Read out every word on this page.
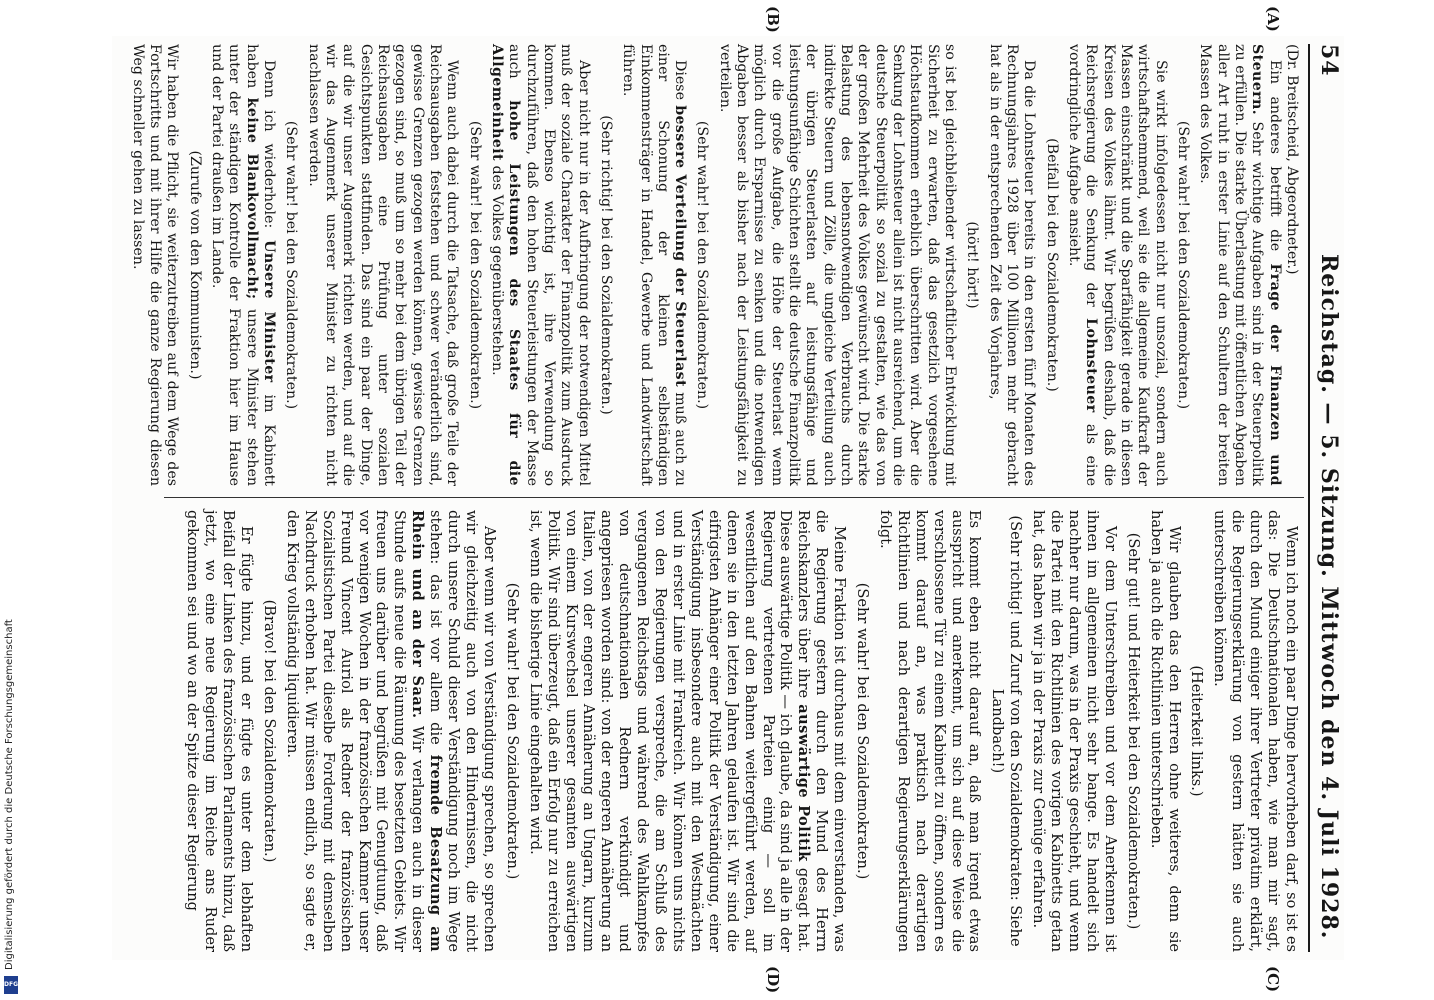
54
Reichstag. — 5. Sitzung. Mittwoch den 4. Juli 1928.
(A)
(B)
(C)
(D)

(Dr. Breitscheid, Abgeordneter.)

Ein anderes betrifft die Frage der Finanzen und Steuern. Sehr wichtige Aufgaben sind in der Steuerpolitik zu erfüllen. Die starke Überlastung mit öffentlichen Abgaben aller Art ruht in erster Linie auf den Schultern der breiten Massen des Volkes.

(Sehr wahr! bei den Sozialdemokraten.)

Sie wirkt infolgedessen nicht nur unsozial, sondern auch wirtschaftshemmend, weil sie die allgemeine Kaufkraft der Massen einschränkt und die Sparfähigkeit gerade in diesen Kreisen des Volkes lähmt. Wir begrüßen deshalb, daß die Reichsregierung die Senkung der Lohnsteuer als eine vordringliche Aufgabe ansieht.

(Beifall bei den Sozialdemokraten.)

Da die Lohnsteuer bereits in den ersten fünf Monaten des Rechnungsjahres 1928 über 100 Millionen mehr gebracht hat als in der entsprechenden Zeit des Vorjahres,

(hört! hört!)

so ist bei gleichbleibender wirtschaftlicher Entwicklung mit Sicherheit zu erwarten, daß das gesetzlich vorgesehene Höchstaufkommen erheblich überschritten wird. Aber die Senkung der Lohnsteuer allein ist nicht ausreichend, um die deutsche Steuerpolitik so sozial zu gestalten, wie das von der großen Mehrheit des Volkes gewünscht wird. Die starke Belastung des lebensnotwendigen Verbrauchs durch indirekte Steuern und Zölle, die ungleiche Verteilung auch der übrigen Steuerlasten auf leistungsfähige und leistungsunfähige Schichten stellt die deutsche Finanzpolitik vor die große Aufgabe, die Höhe der Steuerlast wenn möglich durch Ersparnisse zu senken und die notwendigen Abgaben besser als bisher nach der Leistungsfähigkeit zu verteilen.

(Sehr wahr! bei den Sozialdemokraten.)

Diese bessere Verteilung der Steuerlast muß auch zu einer Schonung der kleinen selbständigen Einkommensträger in Handel, Gewerbe und Landwirtschaft führen.

(Sehr richtig! bei den Sozialdemokraten.)

Aber nicht nur in der Aufbringung der notwendigen Mittel muß der soziale Charakter der Finanzpolitik zum Ausdruck kommen. Ebenso wichtig ist, ihre Verwendung so durchzuführen, daß den hohen Steuerleistungen der Masse auch hohe Leistungen des Staates für die Allgemeinheit des Volkes gegenüberstehen.

(Sehr wahr! bei den Sozialdemokraten.)

Wenn auch dabei durch die Tatsache, daß große Teile der Reichsausgaben feststehen und schwer veränderlich sind, gewisse Grenzen gezogen werden können, gewisse Grenzen gezogen sind, so muß um so mehr bei dem übrigen Teil der Reichsausgaben eine Prüfung unter sozialen Gesichtspunkten stattfinden. Das sind ein paar der Dinge, auf die wir unser Augenmerk richten werden, und auf die wir das Augenmerk unserer Minister zu richten nicht nachlassen werden.

(Sehr wahr! bei den Sozialdemokraten.)

Denn ich wiederhole: Unsere Minister im Kabinett haben keine Blankovollmacht; unsere Minister stehen unter der ständigen Kontrolle der Fraktion hier im Hause und der Partei draußen im Lande.

(Zurufe von den Kommunisten.)

Wir haben die Pflicht, sie weiterzutreiben auf dem Wege des Fortschritts und mit ihrer Hilfe die ganze Regierung diesen Weg schneller gehen zu lassen.

Wenn ich noch ein paar Dinge hervorheben darf, so ist es das: Die Deutschnationalen haben, wie man mir sagt, durch den Mund einiger ihrer Vertreter privatim erklärt, die Regierungserklärung von gestern hätten sie auch unterschreiben können.

(Heiterkeit links.)

Wir glauben das den Herren ohne weiteres, denn sie haben ja auch die Richtlinien unterschrieben.

(Sehr gut! und Heiterkeit bei den Sozialdemokraten.)

Vor dem Unterschreiben und vor dem Anerkennen ist ihnen im allgemeinen nicht sehr bange. Es handelt sich nachher nur darum, was in der Praxis geschieht, und wenn die Partei mit den Richtlinien des vorigen Kabinetts getan hat, das haben wir ja in der Praxis zur Genüge erfahren.

(Sehr richtig! und Zuruf von den Sozialdemokraten: Siehe Landbach!)

Es kommt eben nicht darauf an, daß man irgend etwas ausspricht und anerkennt, um sich auf diese Weise die verschlossene Tür zu einem Kabinett zu öffnen, sondern es kommt darauf an, was praktisch nach derartigen Richtlinien und nach derartigen Regierungserklärungen folgt.

(Sehr wahr! bei den Sozialdemokraten.)

Meine Fraktion ist durchaus mit dem einverstanden, was die Regierung gestern durch den Mund des Herrn Reichskanzlers über ihre auswärtige Politik gesagt hat. Diese auswärtige Politik — ich glaube, da sind ja alle in der Regierung vertretenen Parteien einig — soll im wesentlichen auf den Bahnen weitergeführt werden, auf denen sie in den letzten Jahren gelaufen ist. Wir sind die eifrigsten Anhänger einer Politik der Verständigung, einer Verständigung insbesondere auch mit den Westmächten und in erster Linie mit Frankreich. Wir können uns nichts von den Regierungen verspreche, die am Schluß des vergangenen Reichstags und während des Wahlkampfes von deutschnationalen Rednern verkündigt und angepriesen worden sind: von der engeren Annäherung an Italien, von der engeren Annäherung an Ungarn, kurzum von einem Kurswechsel unserer gesamten auswärtigen Politik. Wir sind überzeugt, daß ein Erfolg nur zu erreichen ist, wenn die bisherige Linie eingehalten wird.

(Sehr wahr! bei den Sozialdemokraten.)

Aber wenn wir von Verständigung sprechen, so sprechen wir gleichzeitig auch von den Hindernissen, die nicht durch unsere Schuld dieser Verständigung noch im Wege stehen: das ist vor allem die fremde Besatzung am Rhein und an der Saar. Wir verlangen auch in dieser Stunde aufs neue die Räumung des besetzten Gebiets. Wir freuen uns darüber und begrüßen mit Genugtuung, daß vor wenigen Wochen in der französischen Kammer unser Freund Vincent Auriol als Redner der französischen Sozialistischen Partei dieselbe Forderung mit demselben Nachdruck erhoben hat. Wir müssen endlich, so sagte er, den Krieg vollständig liquidieren.

(Bravo! bei den Sozialdemokraten.)

Er fügte hinzu, und er fügte es unter dem lebhaften Beifall der Linken des französischen Parlaments hinzu, daß jetzt, wo eine neue Regierung im Reiche ans Ruder gekommen sei und wo an der Spitze dieser Regierung

Digitalisierung gefördert durch die Deutsche Forschungsgemeinschaft
DFG
